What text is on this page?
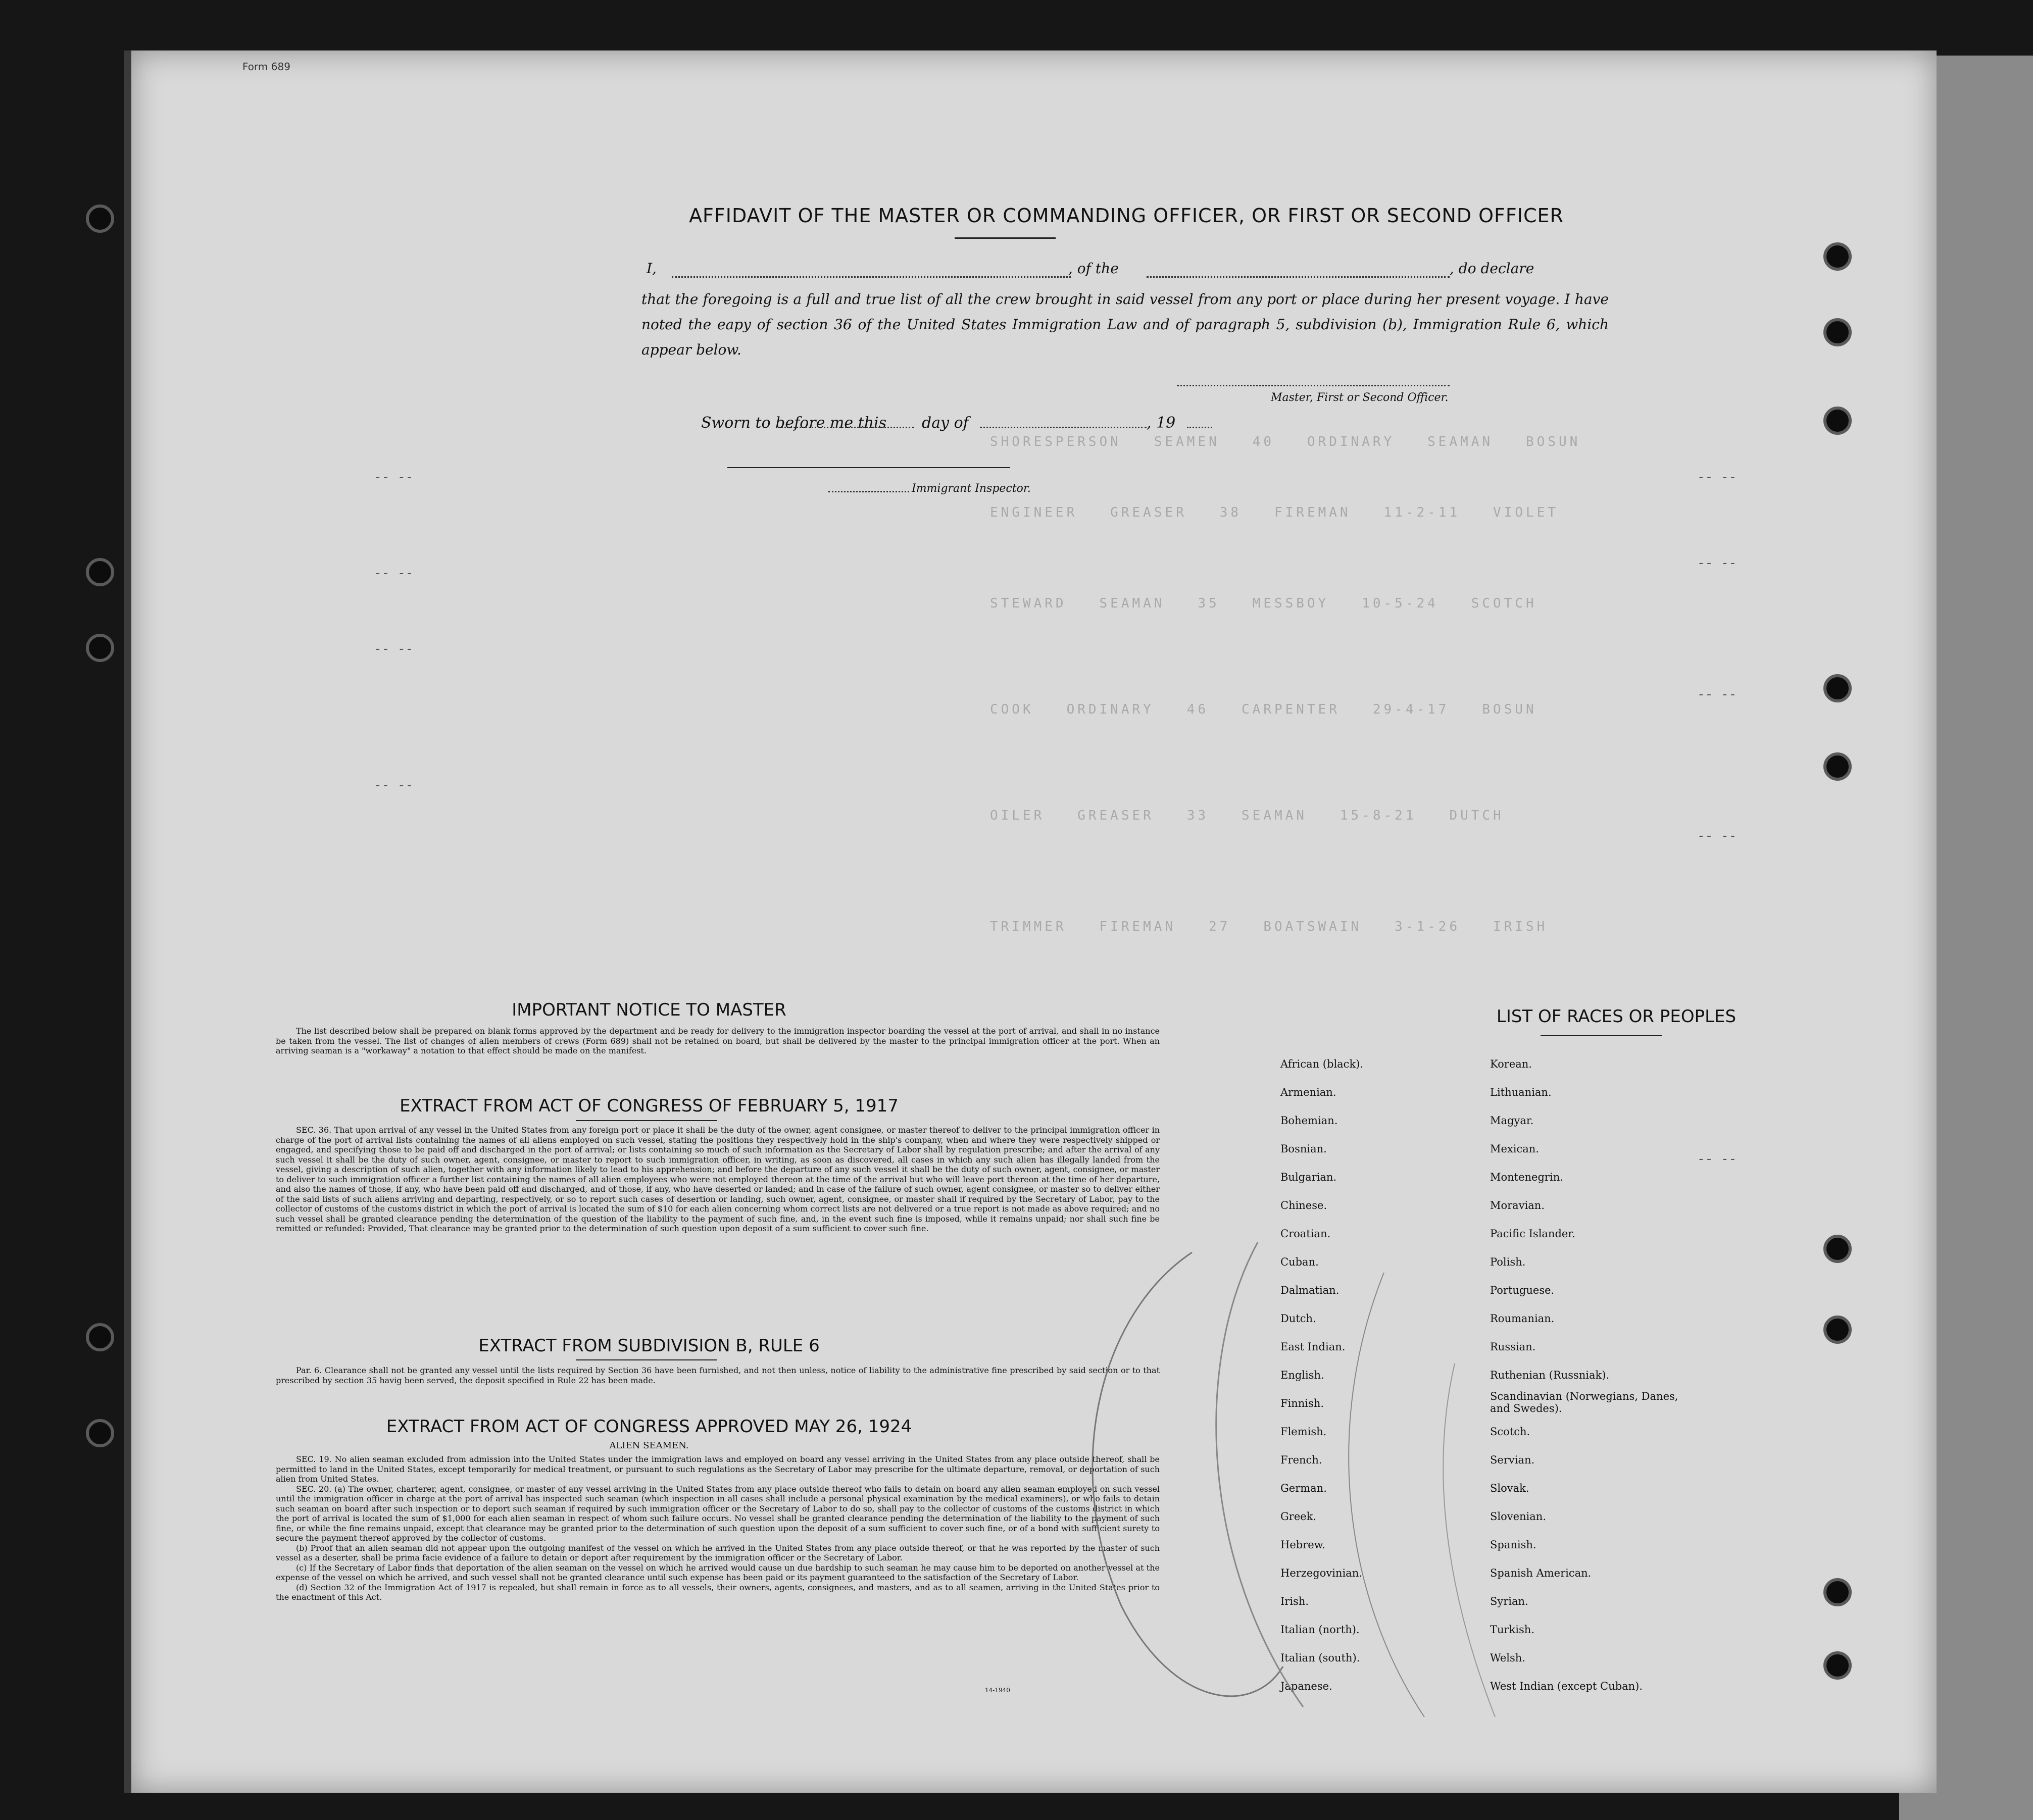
Form 689
SHORESPERSON   SEAMEN   40   ORDINARY   SEAMAN   BOSUN
ENGINEER   GREASER   38   FIREMAN   11-2-11   VIOLET
STEWARD   SEAMAN   35   MESSBOY   10-5-24   SCOTCH
COOK   ORDINARY   46   CARPENTER   29-4-17   BOSUN
OILER   GREASER   33   SEAMAN   15-8-21   DUTCH
TRIMMER   FIREMAN   27   BOATSWAIN   3-1-26   IRISH
-- --
-- --
-- --
-- --
-- --
-- --
-- --
-- --
-- --
AFFIDAVIT OF THE MASTER OR COMMANDING OFFICER, OR FIRST OR SECOND OFFICER
I,	, of the	, do declare
that the foregoing is a full and true list of all the crew brought in said vessel from any port or place during her present voyage. I have noted the eapy of section 36 of the United States Immigration Law and of paragraph 5, subdivision (b), Immigration Rule 6, which appear below.
Master, First or Second Officer.
Sworn to before me this day of	, 19
Immigrant Inspector.
IMPORTANT NOTICE TO MASTER

The list described below shall be prepared on blank forms approved by the department and be ready for delivery to the immigration inspector boarding the vessel at the port of arrival, and shall in no instance be taken from the vessel. The list of changes of alien members of crews (Form 689) shall not be retained on board, but shall be delivered by the master to the principal immigration officer at the port. When an arriving seaman is a "workaway" a notation to that effect should be made on the manifest.

EXTRACT FROM ACT OF CONGRESS OF FEBRUARY 5, 1917

SEC. 36. That upon arrival of any vessel in the United States from any foreign port or place it shall be the duty of the owner, agent consignee, or master thereof to deliver to the principal immigration officer in charge of the port of arrival lists containing the names of all aliens employed on such vessel, stating the positions they respectively hold in the ship's company, when and where they were respectively shipped or engaged, and specifying those to be paid off and discharged in the port of arrival; or lists containing so much of such information as the Secretary of Labor shall by regulation prescribe; and after the arrival of any such vessel it shall be the duty of such owner, agent, consignee, or master to report to such immigration officer, in writing, as soon as discovered, all cases in which any such alien has illegally landed from the vessel, giving a description of such alien, together with any information likely to lead to his apprehension; and before the departure of any such vessel it shall be the duty of such owner, agent, consignee, or master to deliver to such immigration officer a further list containing the names of all alien employees who were not employed thereon at the time of the arrival but who will leave port thereon at the time of her departure, and also the names of those, if any, who have been paid off and discharged, and of those, if any, who have deserted or landed; and in case of the failure of such owner, agent consignee, or master so to deliver either of the said lists of such aliens arriving and departing, respectively, or so to report such cases of desertion or landing, such owner, agent, consignee, or master shall if required by the Secretary of Labor, pay to the collector of customs of the customs district in which the port of arrival is located the sum of $10 for each alien concerning whom correct lists are not delivered or a true report is not made as above required; and no such vessel shall be granted clearance pending the determination of the question of the liability to the payment of such fine, and, in the event such fine is imposed, while it remains unpaid; nor shall such fine be remitted or refunded: Provided, That clearance may be granted prior to the determination of such question upon deposit of a sum sufficient to cover such fine.

EXTRACT FROM SUBDIVISION B, RULE 6

Par. 6. Clearance shall not be granted any vessel until the lists required by Section 36 have been furnished, and not then unless, notice of liability to the administrative fine prescribed by said section or to that prescribed by section 35 havig been served, the deposit specified in Rule 22 has been made.

EXTRACT FROM ACT OF CONGRESS APPROVED MAY 26, 1924
ALIEN SEAMEN.

SEC. 19. No alien seaman excluded from admission into the United States under the immigration laws and employed on board any vessel arriving in the United States from any place outside thereof, shall be permitted to land in the United States, except temporarily for medical treatment, or pursuant to such regulations as the Secretary of Labor may prescribe for the ultimate departure, removal, or deportation of such alien from United States.

SEC. 20. (a) The owner, charterer, agent, consignee, or master of any vessel arriving in the United States from any place outside thereof who fails to detain on board any alien seaman employed on such vessel until the immigration officer in charge at the port of arrival has inspected such seaman (which inspection in all cases shall include a personal physical examination by the medical examiners), or who fails to detain such seaman on board after such inspection or to deport such seaman if required by such immigration officer or the Secretary of Labor to do so, shall pay to the collector of customs of the customs district in which the port of arrival is located the sum of $1,000 for each alien seaman in respect of whom such failure occurs. No vessel shall be granted clearance pending the determination of the liability to the payment of such fine, or while the fine remains unpaid, except that clearance may be granted prior to the determination of such question upon the deposit of a sum sufficient to cover such fine, or of a bond with sufficient surety to secure the payment thereof approved by the collector of customs.

(b) Proof that an alien seaman did not appear upon the outgoing manifest of the vessel on which he arrived in the United States from any place outside thereof, or that he was reported by the master of such vessel as a deserter, shall be prima facie evidence of a failure to detain or deport after requirement by the immigration officer or the Secretary of Labor.

(c) If the Secretary of Labor finds that deportation of the alien seaman on the vessel on which he arrived would cause un due hardship to such seaman he may cause him to be deported on another vessel at the expense of the vessel on which he arrived, and such vessel shall not be granted clearance until such expense has been paid or its payment guaranteed to the satisfaction of the Secretary of Labor.

(d) Section 32 of the Immigration Act of 1917 is repealed, but shall remain in force as to all vessels, their owners, agents, consignees, and masters, and as to all seamen, arriving in the United States prior to the enactment of this Act.

14-1940
LIST OF RACES OR PEOPLES
African (black).
Armenian.
Bohemian.
Bosnian.
Bulgarian.
Chinese.
Croatian.
Cuban.
Dalmatian.
Dutch.
East Indian.
English.
Finnish.
Flemish.
French.
German.
Greek.
Hebrew.
Herzegovinian.
Irish.
Italian (north).
Italian (south).
Japanese.
Korean.
Lithuanian.
Magyar.
Mexican.
Montenegrin.
Moravian.
Pacific Islander.
Polish.
Portuguese.
Roumanian.
Russian.
Ruthenian (Russniak).
Scandinavian (Norwegians, Danes, and Swedes).
Scotch.
Servian.
Slovak.
Slovenian.
Spanish.
Spanish American.
Syrian.
Turkish.
Welsh.
West Indian (except Cuban).
